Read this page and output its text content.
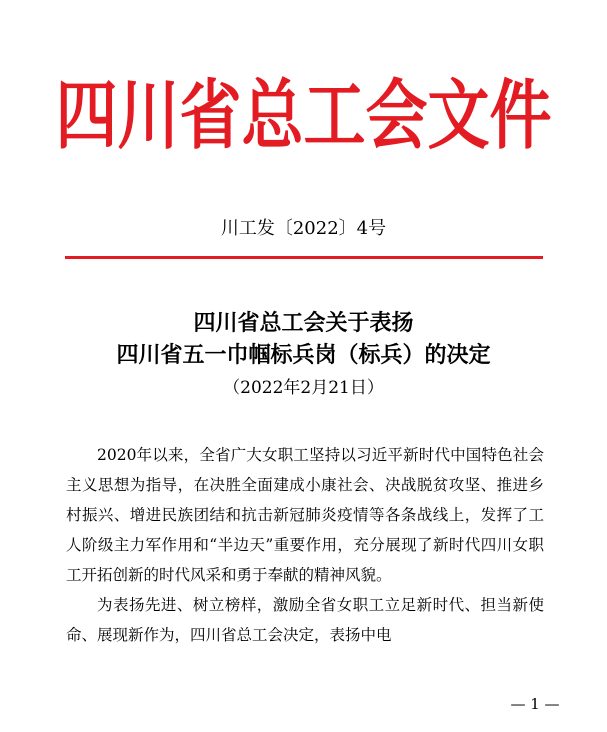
四川省总工会文件
川工发〔2022〕4号
四川省总工会关于表扬
四川省五一巾帼标兵岗（标兵）的决定
（2022年2月21日）

2020年以来，全省广大女职工坚持以习近平新时代中国特色社会主义思想为指导，在决胜全面建成小康社会、决战脱贫攻坚、推进乡村振兴、增进民族团结和抗击新冠肺炎疫情等各条战线上，发挥了工人阶级主力军作用和“半边天”重要作用，充分展现了新时代四川女职工开拓创新的时代风采和勇于奉献的精神风貌。

为表扬先进、树立榜样，激励全省女职工立足新时代、担当新使命、展现新作为，四川省总工会决定，表扬中电

— 1 —
